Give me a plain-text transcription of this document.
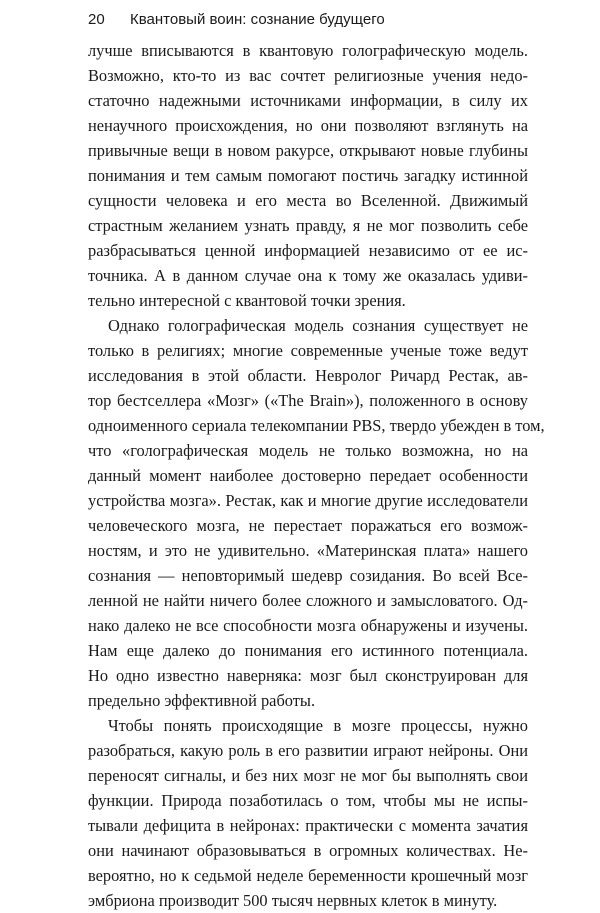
20 Квантовый воин: сознание будущего
лучше вписываются в квантовую голографическую модель.
Возможно, кто-то из вас сочтет религиозные учения недо-
статочно надежными источниками информации, в силу их
ненаучного происхождения, но они позволяют взглянуть на
привычные вещи в новом ракурсе, открывают новые глубины
понимания и тем самым помогают постичь загадку истинной
сущности человека и его места во Вселенной. Движимый
страстным желанием узнать правду, я не мог позволить себе
разбрасываться ценной информацией независимо от ее ис-
точника. А в данном случае она к тому же оказалась удиви-
тельно интересной с квантовой точки зрения.
Однако голографическая модель сознания существует не
только в религиях; многие современные ученые тоже ведут
исследования в этой области. Невролог Ричард Рестак, ав-
тор бестселлера «Мозг» («The Brain»), положенного в основу
одноименного сериала телекомпании PBS, твердо убежден в том,
что «голографическая модель не только возможна, но на
данный момент наиболее достоверно передает особенности
устройства мозга». Рестак, как и многие другие исследователи
человеческого мозга, не перестает поражаться его возмож-
ностям, и это не удивительно. «Материнская плата» нашего
сознания — неповторимый шедевр созидания. Во всей Все-
ленной не найти ничего более сложного и замысловатого. Од-
нако далеко не все способности мозга обнаружены и изучены.
Нам еще далеко до понимания его истинного потенциала.
Но одно известно наверняка: мозг был сконструирован для
предельно эффективной работы.
Чтобы понять происходящие в мозге процессы, нужно
разобраться, какую роль в его развитии играют нейроны. Они
переносят сигналы, и без них мозг не мог бы выполнять свои
функции. Природа позаботилась о том, чтобы мы не испы-
тывали дефицита в нейронах: практически с момента зачатия
они начинают образовываться в огромных количествах. Не-
вероятно, но к седьмой неделе беременности крошечный мозг
эмбриона производит 500 тысяч нервных клеток в минуту.
